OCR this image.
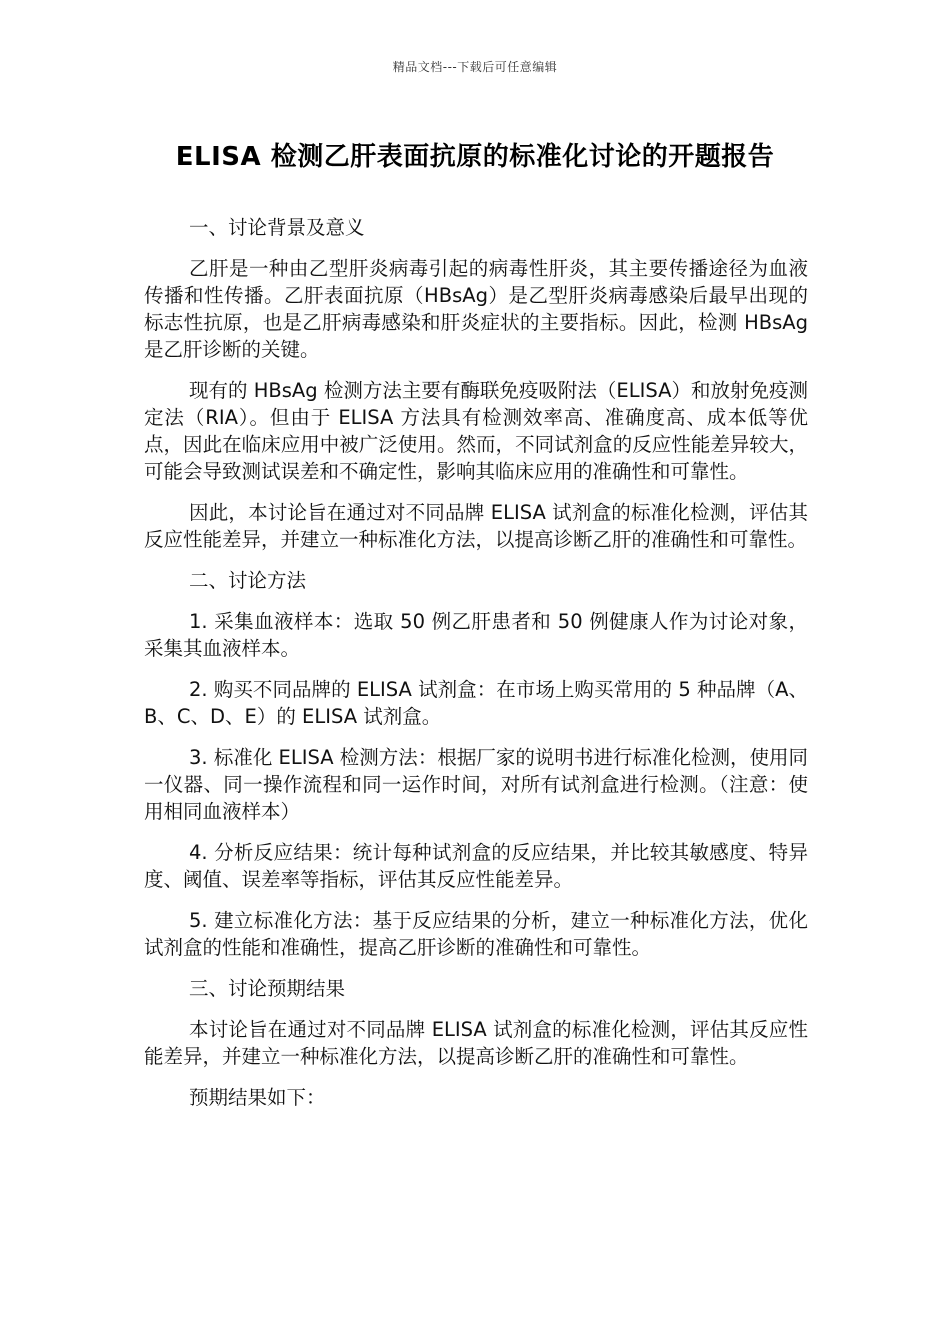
精品文档---下载后可任意编辑
ELISA 检测乙肝表面抗原的标准化讨论的开题报告

一、讨论背景及意义

乙肝是一种由乙型肝炎病毒引起的病毒性肝炎，其主要传播途径为血液传播和性传播。乙肝表面抗原（HBsAg）是乙型肝炎病毒感染后最早出现的标志性抗原，也是乙肝病毒感染和肝炎症状的主要指标。因此，检测 HBsAg 是乙肝诊断的关键。

现有的 HBsAg 检测方法主要有酶联免疫吸附法（ELISA）和放射免疫测定法（RIA）。但由于 ELISA 方法具有检测效率高、准确度高、成本低等优点，因此在临床应用中被广泛使用。然而，不同试剂盒的反应性能差异较大，可能会导致测试误差和不确定性，影响其临床应用的准确性和可靠性。

因此，本讨论旨在通过对不同品牌 ELISA 试剂盒的标准化检测，评估其反应性能差异，并建立一种标准化方法，以提高诊断乙肝的准确性和可靠性。

二、讨论方法

1. 采集血液样本：选取 50 例乙肝患者和 50 例健康人作为讨论对象，采集其血液样本。

2. 购买不同品牌的 ELISA 试剂盒：在市场上购买常用的 5 种品牌（A、B、C、D、E）的 ELISA 试剂盒。

3. 标准化 ELISA 检测方法：根据厂家的说明书进行标准化检测，使用同一仪器、同一操作流程和同一运作时间，对所有试剂盒进行检测。（注意：使用相同血液样本）

4. 分析反应结果：统计每种试剂盒的反应结果，并比较其敏感度、特异度、阈值、误差率等指标，评估其反应性能差异。

5. 建立标准化方法：基于反应结果的分析，建立一种标准化方法，优化试剂盒的性能和准确性，提高乙肝诊断的准确性和可靠性。

三、讨论预期结果

本讨论旨在通过对不同品牌 ELISA 试剂盒的标准化检测，评估其反应性能差异，并建立一种标准化方法，以提高诊断乙肝的准确性和可靠性。

预期结果如下：
